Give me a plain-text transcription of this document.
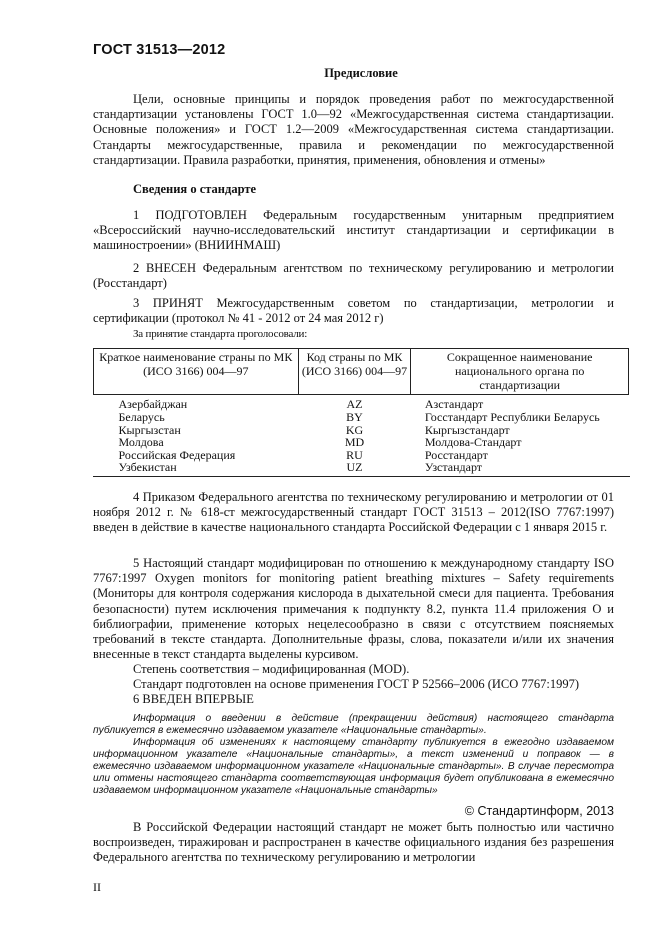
ГОСТ 31513—2012
Предисловие
Цели, основные принципы и порядок проведения работ по межгосударственной стандартизации установлены ГОСТ 1.0—92 «Межгосударственная система стандартизации. Основные положения» и ГОСТ 1.2—2009 «Межгосударственная система стандартизации. Стандарты межгосударственные, правила и рекомендации по межгосударственной стандартизации. Правила разработки, принятия, применения, обновления и отмены»
Сведения о стандарте
1 ПОДГОТОВЛЕН Федеральным государственным унитарным предприятием «Всероссийский научно-исследовательский институт стандартизации и сертификации в машиностроении» (ВНИИНМАШ)
2 ВНЕСЕН Федеральным агентством по техническому регулированию и метрологии (Росстандарт)
3 ПРИНЯТ Межгосударственным советом по стандартизации, метрологии и сертификации (протокол № 41 - 2012 от 24 мая 2012 г)
За принятие стандарта проголосовали:
Краткое наименование страны по МК (ИСО 3166) 004—97	Код страны по МК (ИСО 3166) 004—97	Сокращенное наименование национального органа по стандартизации
Азербайджан	AZ	Азстандарт
Беларусь	BY	Госстандарт Республики Беларусь
Кыргызстан	KG	Кыргызстандарт
Молдова	MD	Молдова-Стандарт
Российская Федерация	RU	Росстандарт
Узбекистан	UZ	Узстандарт
4 Приказом Федерального агентства по техническому регулированию и метрологии от 01 ноября 2012 г. № 618-ст межгосударственный стандарт ГОСТ 31513 – 2012(ISO 7767:1997) введен в действие в качестве национального стандарта Российской Федерации с 1 января 2015 г.
5 Настоящий стандарт модифицирован по отношению к международному стандарту ISO 7767:1997 Oxygen monitors for monitoring patient breathing mixtures – Safety requirements (Мониторы для контроля содержания кислорода в дыхательной смеси для пациента. Требования безопасности) путем исключения примечания к подпункту 8.2, пункта 11.4 приложения О и библиографии, применение которых нецелесообразно в связи с отсутствием поясняемых требований в тексте стандарта. Дополнительные фразы, слова, показатели и/или их значения внесенные в текст стандарта выделены курсивом.
Степень соответствия – модифицированная (MOD).
Стандарт подготовлен на основе применения ГОСТ Р 52566–2006 (ИСО 7767:1997)
6 ВВЕДЕН ВПЕРВЫЕ
Информация о введении в действие (прекращении действия) настоящего стандарта публикуется в ежемесячно издаваемом указателе «Национальные стандарты».
Информация об изменениях к настоящему стандарту публикуется в ежегодно издаваемом информационном указателе «Национальные стандарты», а текст изменений и поправок — в ежемесячно издаваемом информационном указателе «Национальные стандарты». В случае пересмотра или отмены настоящего стандарта соответствующая информация будет опубликована в ежемесячно издаваемом информационном указателе «Национальные стандарты»
© Стандартинформ, 2013
В Российской Федерации настоящий стандарт не может быть полностью или частично воспроизведен, тиражирован и распространен в качестве официального издания без разрешения Федерального агентства по техническому регулированию и метрологии
II
